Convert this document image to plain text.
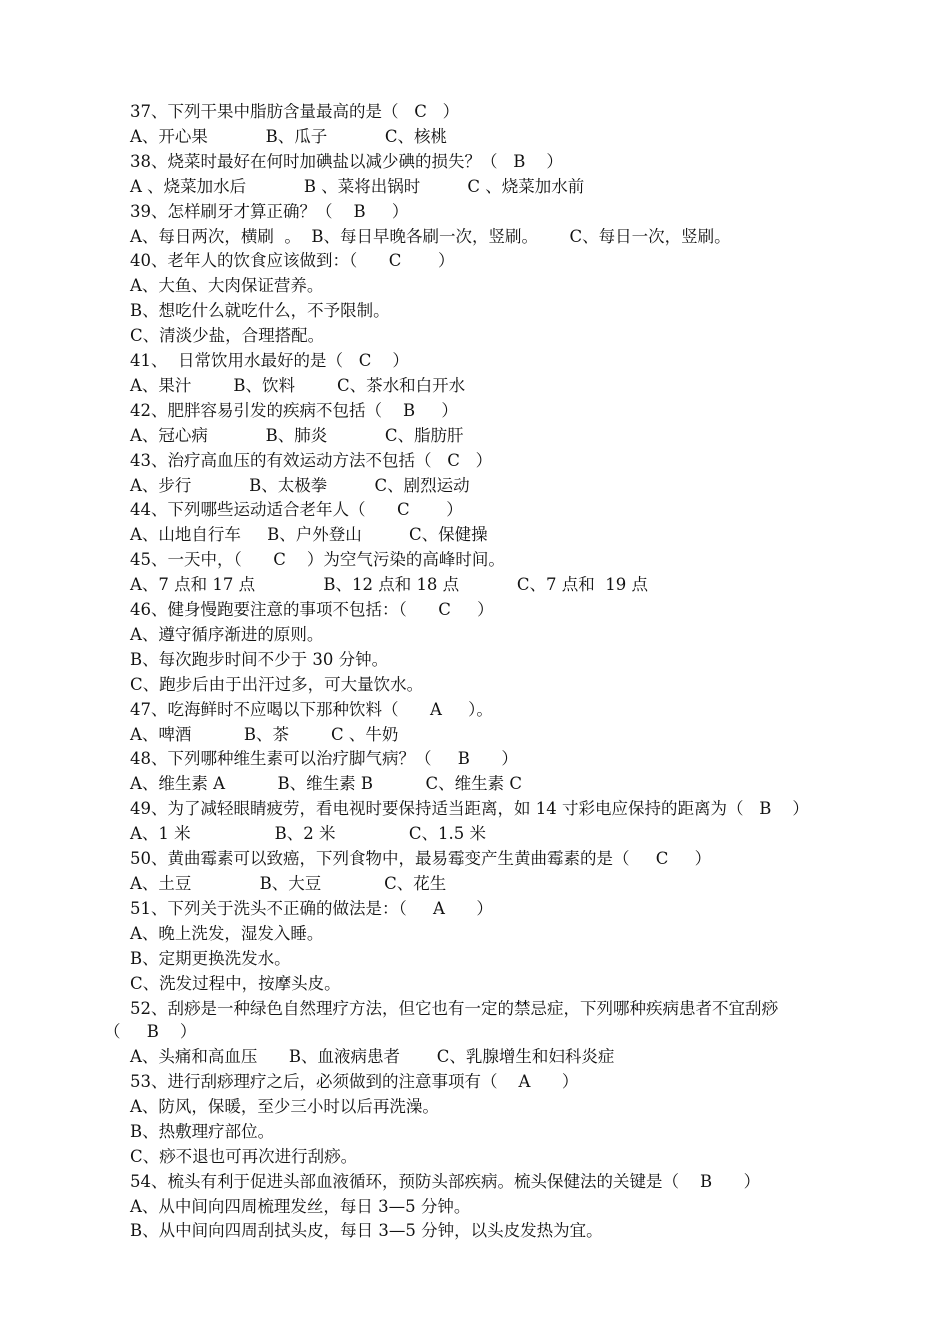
37、下列干果中脂肪含量最高的是（   C   ）
A、开心果           B、瓜子           C、核桃
38、烧菜时最好在何时加碘盐以减少碘的损失？（   B    ）
A 、烧菜加水后           B 、菜将出锅时         C 、烧菜加水前
39、怎样刷牙才算正确？（    B     ）
A、每日两次，横刷  。  B、每日早晚各刷一次，竖刷。      C、每日一次，竖刷。
40、老年人的饮食应该做到：（      C       ）
A、大鱼、大肉保证营养。
B、想吃什么就吃什么，不予限制。
C、清淡少盐，合理搭配。
41、  日常饮用水最好的是（   C    ）
A、果汁        B、饮料        C、茶水和白开水
42、肥胖容易引发的疾病不包括（    B     ）
A、冠心病           B、肺炎           C、脂肪肝
43、治疗高血压的有效运动方法不包括（   C   ）
A、步行           B、太极拳         C、剧烈运动
44、下列哪些运动适合老年人（      C       ）
A、山地自行车     B、户外登山         C、保健操
45、一天中，（      C    ）为空气污染的高峰时间。
A、7 点和 17 点             B、12 点和 18 点           C、7 点和  19 点
46、健身慢跑要注意的事项不包括：（      C     ）
A、遵守循序渐进的原则。
B、每次跑步时间不少于 30 分钟。
C、跑步后由于出汗过多，可大量饮水。
47、吃海鲜时不应喝以下那种饮料（      A     ）。
A、啤酒          B、茶        C 、牛奶
48、下列哪种维生素可以治疗脚气病？（     B      ）
A、维生素 A          B、维生素 B          C、维生素 C
49、为了减轻眼睛疲劳，看电视时要保持适当距离，如 14 寸彩电应保持的距离为（   B    ）
A、1 米                B、2 米              C、1.5 米
50、黄曲霉素可以致癌，下列食物中，最易霉变产生黄曲霉素的是（     C     ）
A、土豆             B、大豆            C、花生
51、下列关于洗头不正确的做法是：（     A      ）
A、晚上洗发，湿发入睡。
B、定期更换洗发水。
C、洗发过程中，按摩头皮。
52、刮痧是一种绿色自然理疗方法，但它也有一定的禁忌症，下列哪种疾病患者不宜刮痧
（     B    ）
A、头痛和高血压      B、血液病患者       C、乳腺增生和妇科炎症
53、进行刮痧理疗之后，必须做到的注意事项有（    A      ）
A、防风，保暖，至少三小时以后再洗澡。
B、热敷理疗部位。
C、痧不退也可再次进行刮痧。
54、梳头有利于促进头部血液循环，预防头部疾病。梳头保健法的关键是（    B      ）
A、从中间向四周梳理发丝，每日 3—5 分钟。
B、从中间向四周刮拭头皮，每日 3—5 分钟，以头皮发热为宜。
